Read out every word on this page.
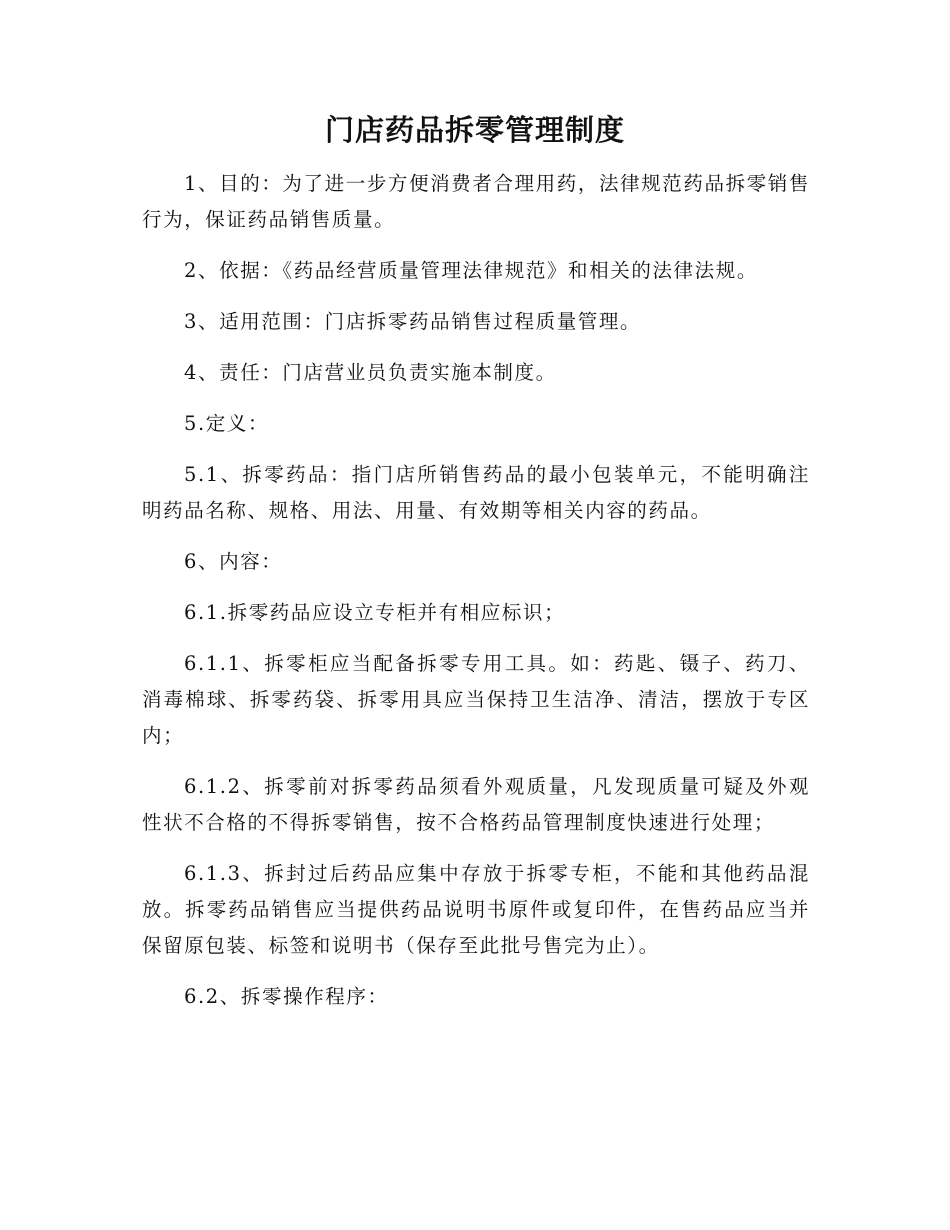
门店药品拆零管理制度

1、目的：为了进一步方便消费者合理用药，法律规范药品拆零销售行为，保证药品销售质量。

2、依据：《药品经营质量管理法律规范》和相关的法律法规。

3、适用范围：门店拆零药品销售过程质量管理。

4、责任：门店营业员负责实施本制度。

5.定义：

5.1、拆零药品：指门店所销售药品的最小包装单元，不能明确注明药品名称、规格、用法、用量、有效期等相关内容的药品。

6、内容：

6.1.拆零药品应设立专柜并有相应标识；

6.1.1、拆零柜应当配备拆零专用工具。如：药匙、镊子、药刀、消毒棉球、拆零药袋、拆零用具应当保持卫生洁净、清洁，摆放于专区内；

6.1.2、拆零前对拆零药品须看外观质量，凡发现质量可疑及外观性状不合格的不得拆零销售，按不合格药品管理制度快速进行处理；

6.1.3、拆封过后药品应集中存放于拆零专柜，不能和其他药品混放。拆零药品销售应当提供药品说明书原件或复印件，在售药品应当并保留原包装、标签和说明书（保存至此批号售完为止）。

6.2、拆零操作程序：
